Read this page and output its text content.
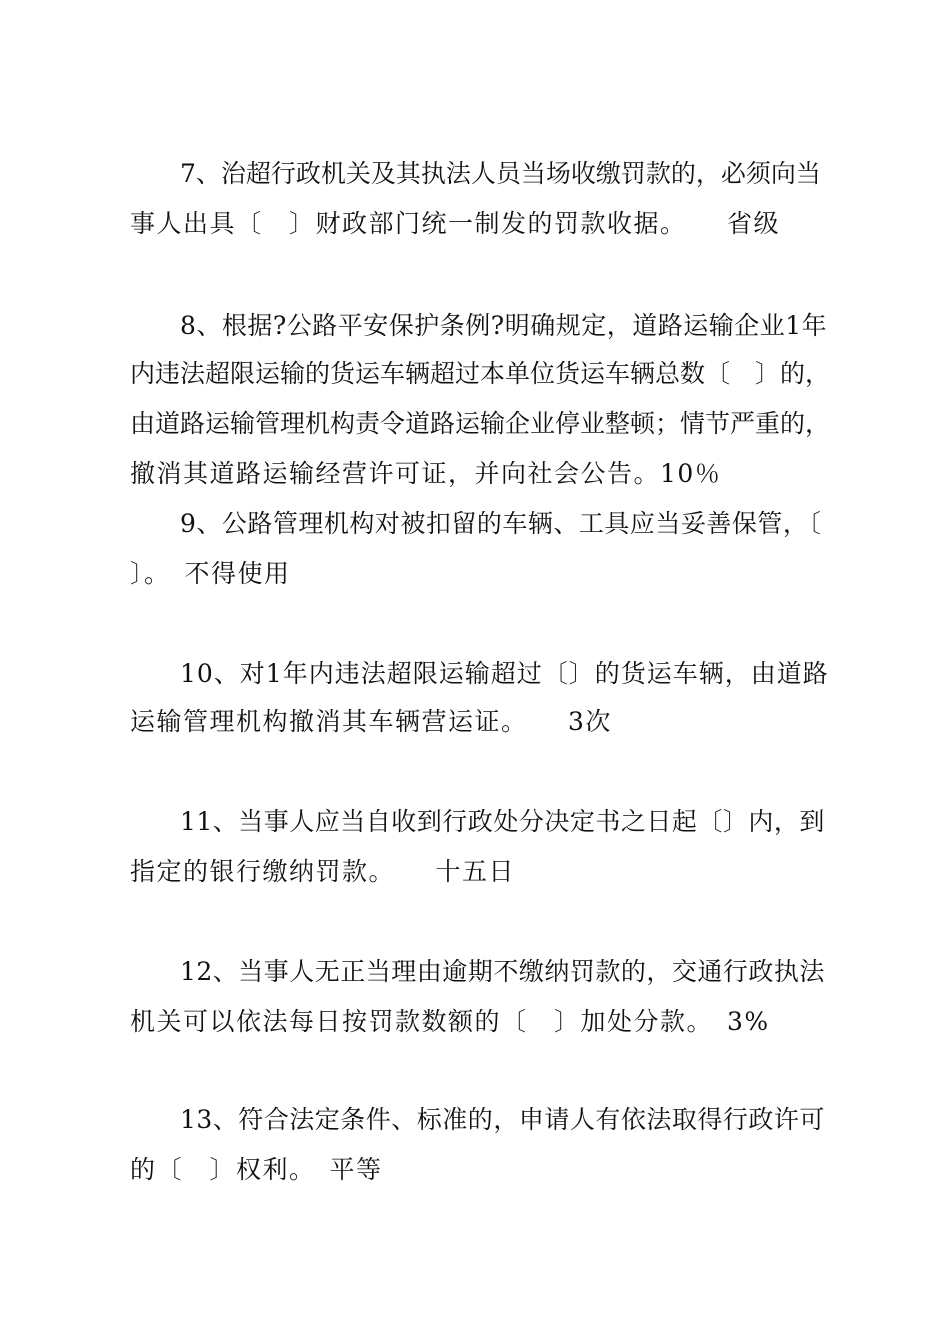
7、治超行政机关及其执法人员当场收缴罚款的，必须向当
事人出具〔　〕财政部门统一制发的罚款收据。　　省级
8、根据?公路平安保护条例?明确规定，道路运输企业1年
内违法超限运输的货运车辆超过本单位货运车辆总数〔　〕的，
由道路运输管理机构责令道路运输企业停业整顿；情节严重的，
撤消其道路运输经营许可证，并向社会公告。10％
9、公路管理机构对被扣留的车辆、工具应当妥善保管，〔
〕。　不得使用
10、对1年内违法超限运输超过〔〕的货运车辆，由道路
运输管理机构撤消其车辆营运证。　　3次
11、当事人应当自收到行政处分决定书之日起〔〕内，到
指定的银行缴纳罚款。　　十五日
12、当事人无正当理由逾期不缴纳罚款的，交通行政执法
机关可以依法每日按罚款数额的〔　〕加处分款。　3%
13、符合法定条件、标准的，申请人有依法取得行政许可
的〔　〕权利。　平等
